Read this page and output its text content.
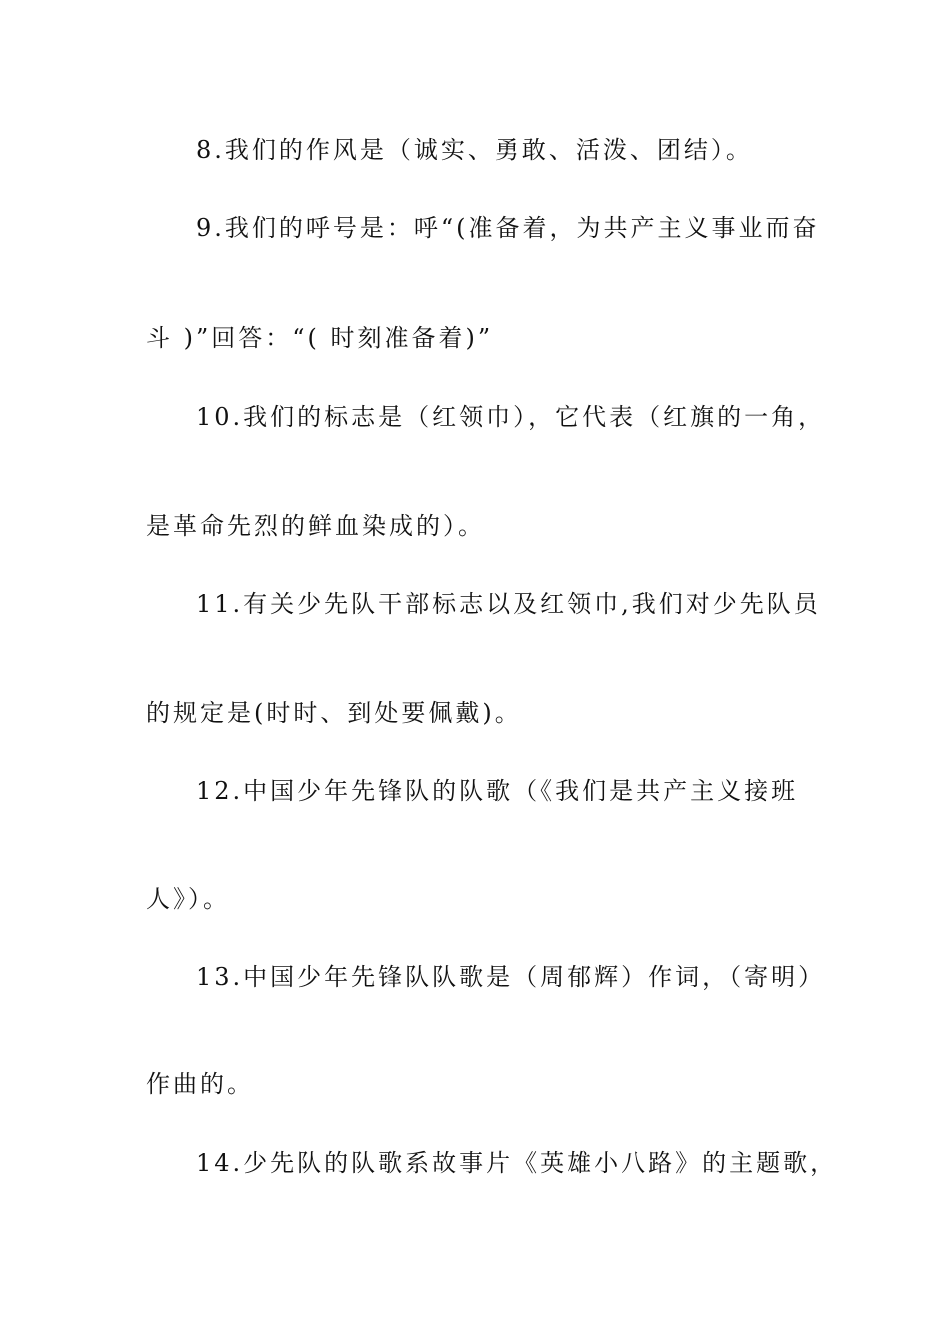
8.我们的作风是（诚实、勇敢、活泼、团结）。
9.我们的呼号是：呼“(准备着，为共产主义事业而奋
斗 )”回答：“( 时刻准备着)”
10.我们的标志是（红领巾），它代表（红旗的一角，
是革命先烈的鲜血染成的）。
11.有关少先队干部标志以及红领巾,我们对少先队员
的规定是(时时、到处要佩戴)。
12.中国少年先锋队的队歌（《我们是共产主义接班
人》）。
13.中国少年先锋队队歌是（周郁辉）作词，（寄明）
作曲的。
14.少先队的队歌系故事片《英雄小八路》的主题歌，
